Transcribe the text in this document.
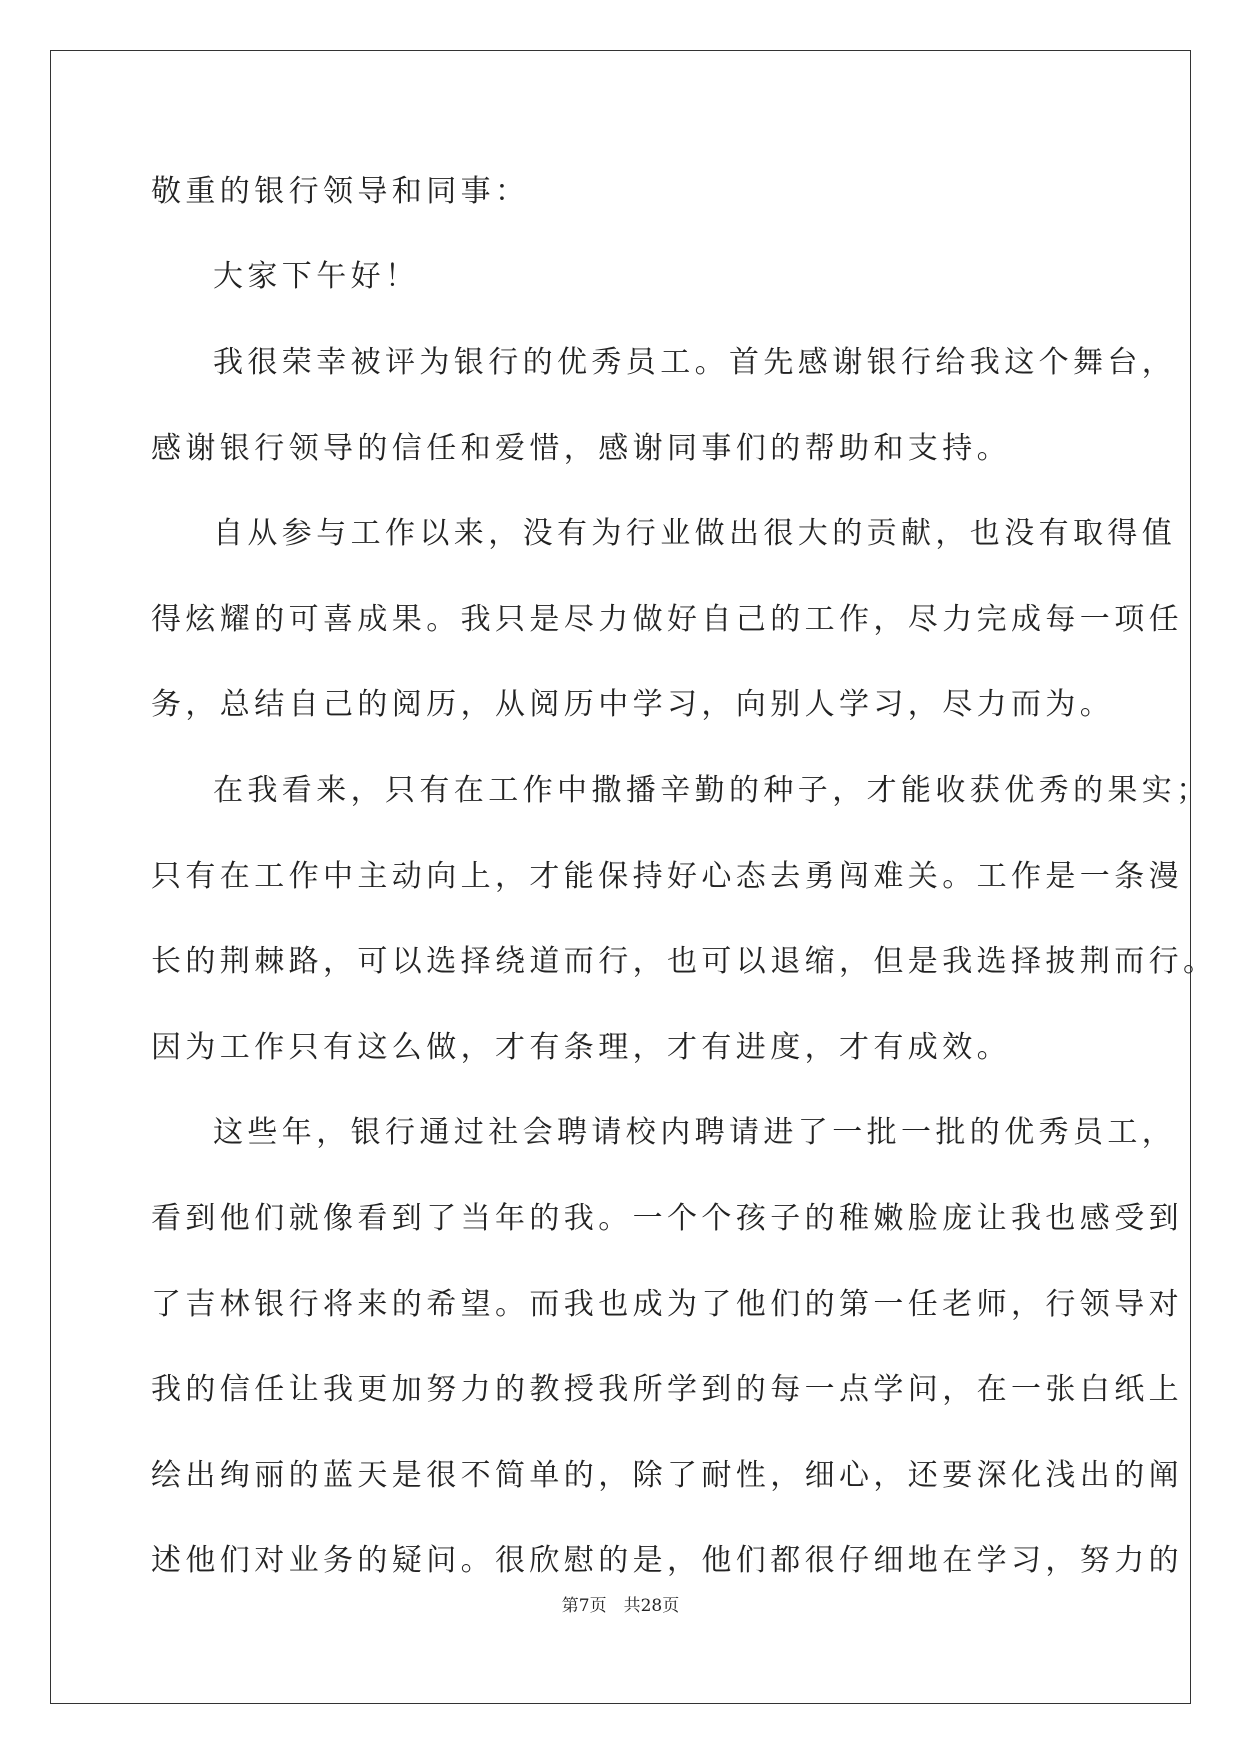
敬重的银行领导和同事：
大家下午好！
我很荣幸被评为银行的优秀员工。首先感谢银行给我这个舞台，
感谢银行领导的信任和爱惜，感谢同事们的帮助和支持。
自从参与工作以来，没有为行业做出很大的贡献，也没有取得值
得炫耀的可喜成果。我只是尽力做好自己的工作，尽力完成每一项任
务，总结自己的阅历，从阅历中学习，向别人学习，尽力而为。
在我看来，只有在工作中撒播辛勤的种子，才能收获优秀的果实；
只有在工作中主动向上，才能保持好心态去勇闯难关。工作是一条漫
长的荆棘路，可以选择绕道而行，也可以退缩，但是我选择披荆而行。
因为工作只有这么做，才有条理，才有进度，才有成效。
这些年，银行通过社会聘请校内聘请进了一批一批的优秀员工，
看到他们就像看到了当年的我。一个个孩子的稚嫩脸庞让我也感受到
了吉林银行将来的希望。而我也成为了他们的第一任老师，行领导对
我的信任让我更加努力的教授我所学到的每一点学问，在一张白纸上
绘出绚丽的蓝天是很不简单的，除了耐性，细心，还要深化浅出的阐
述他们对业务的疑问。很欣慰的是，他们都很仔细地在学习，努力的
第7页　共28页
